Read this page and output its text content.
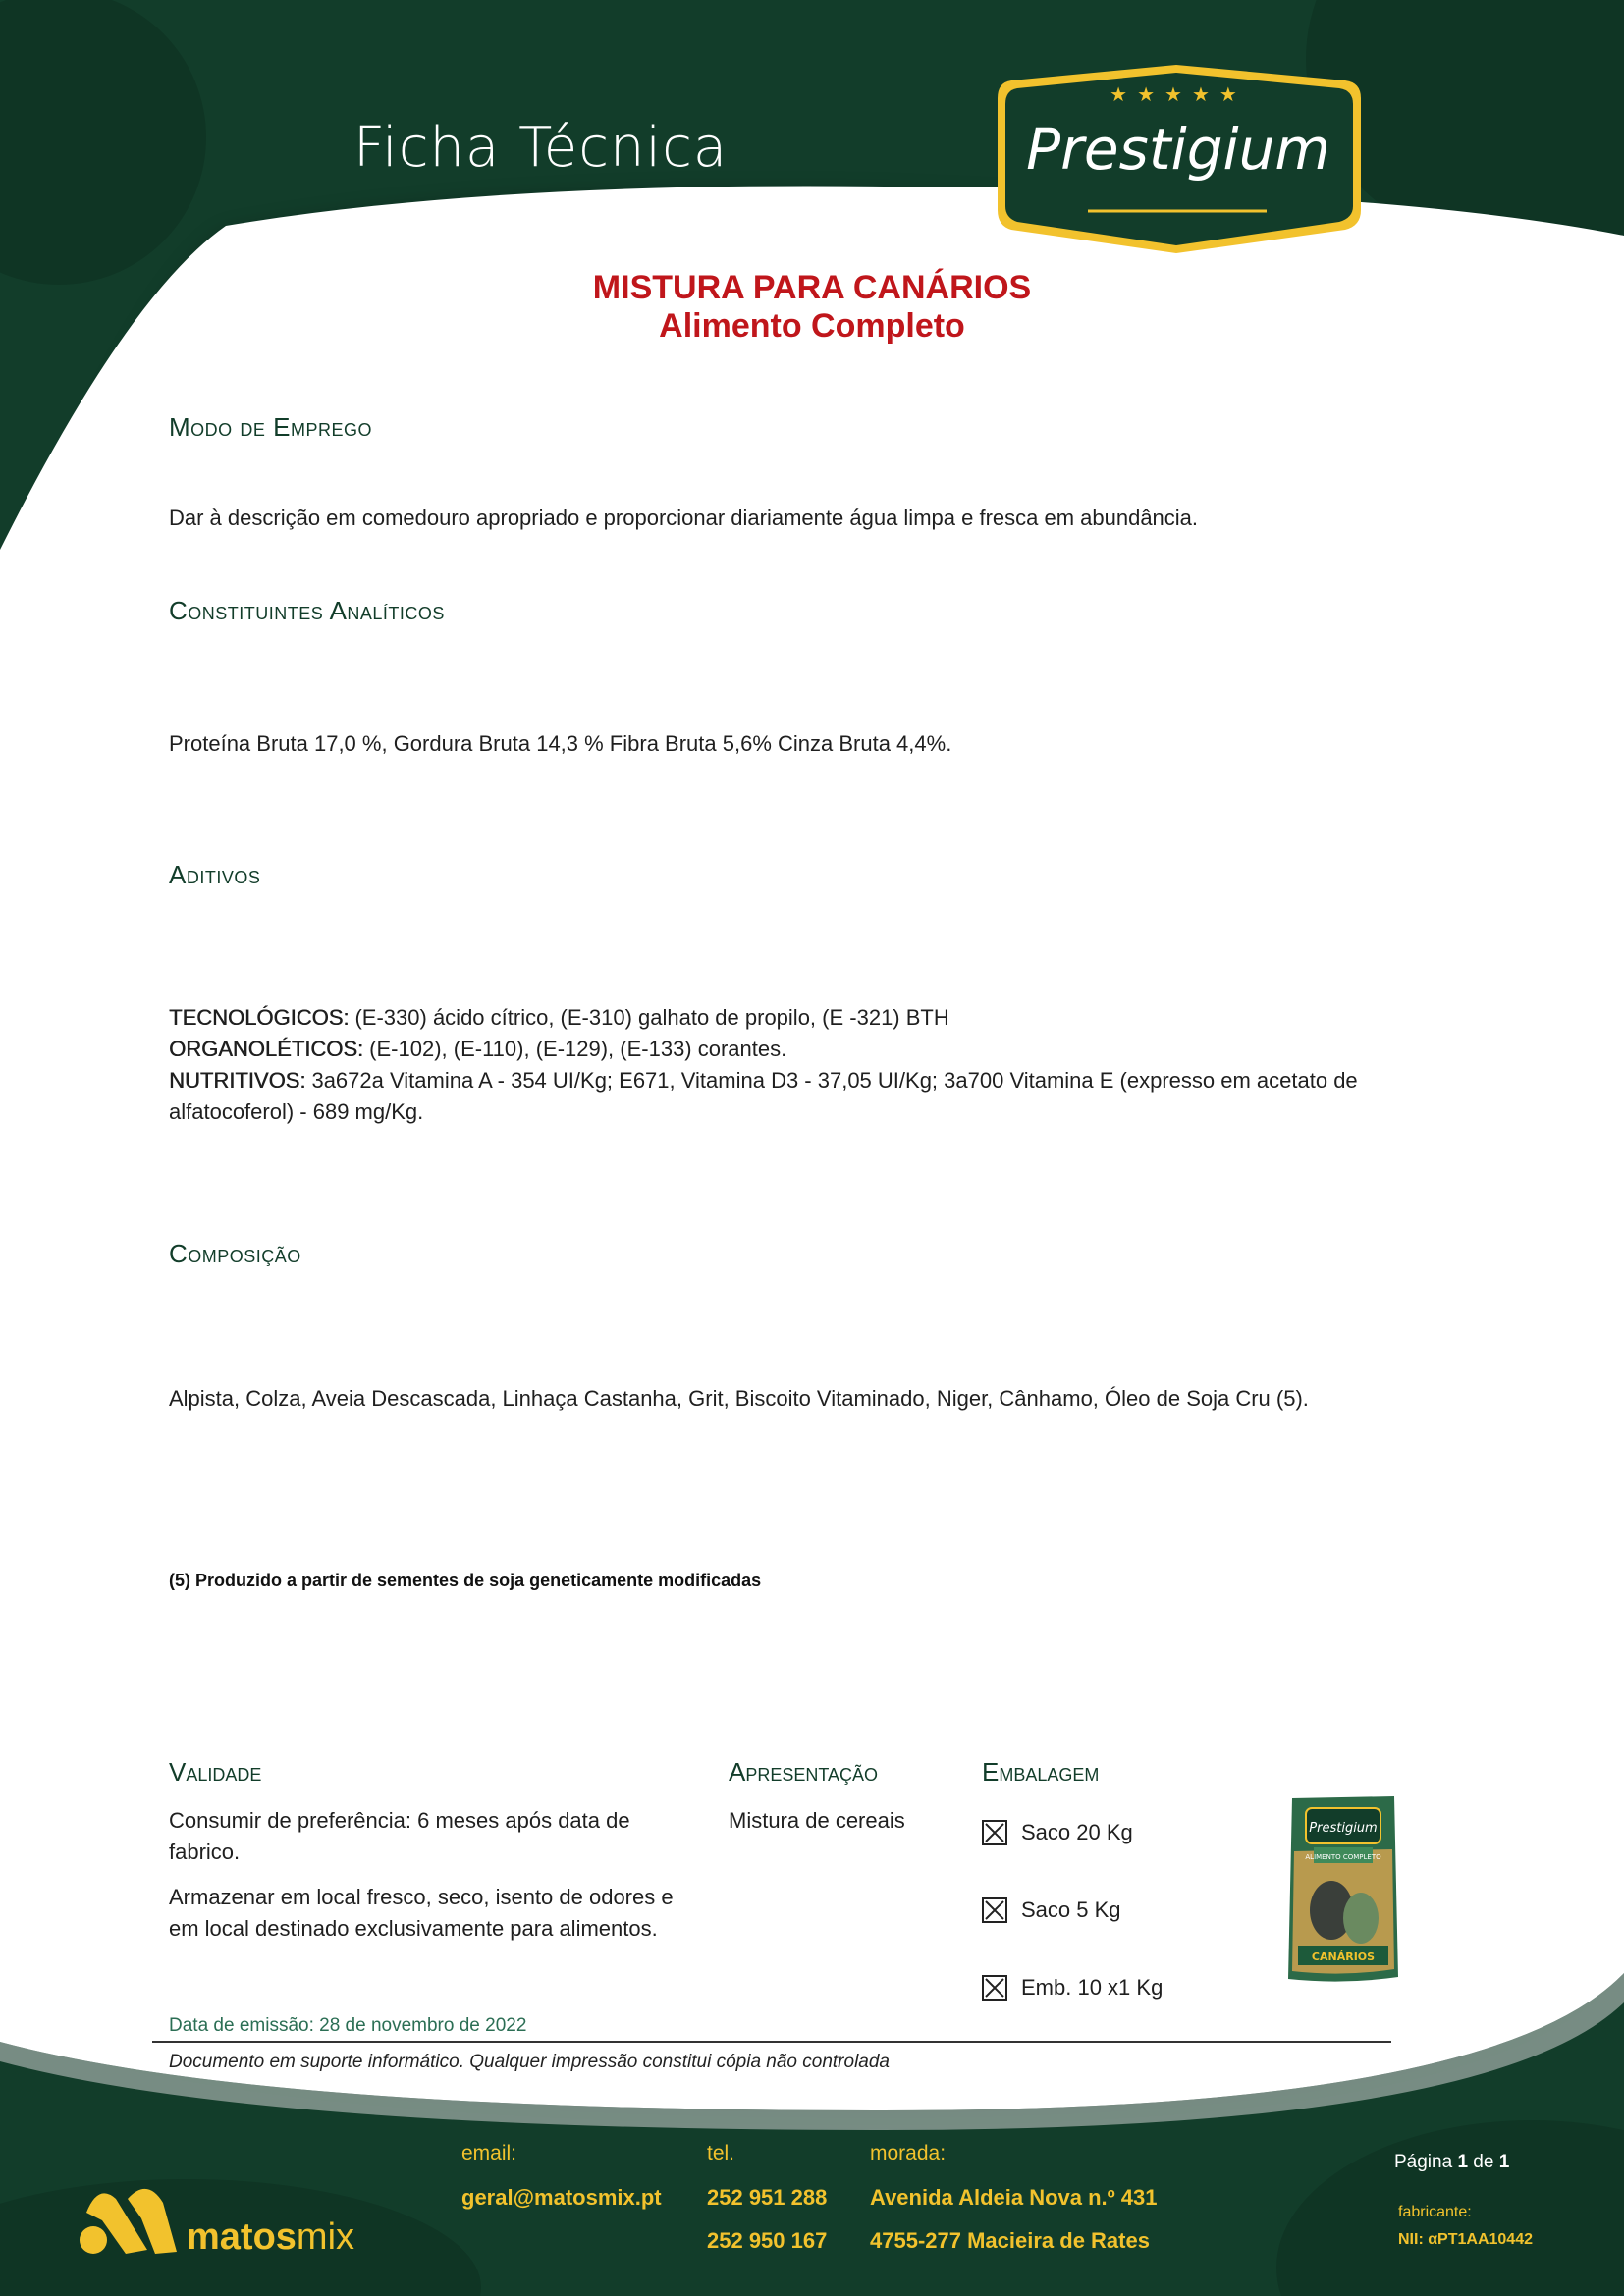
Ficha Técnica
★★★★★
Prestigium
MISTURA PARA CANÁRIOS
Alimento Completo
Modo de Emprego
Dar à descrição em comedouro apropriado e proporcionar diariamente água limpa e fresca em abundância.
Constituintes Analíticos
Proteína Bruta 17,0 %, Gordura Bruta 14,3 % Fibra Bruta 5,6% Cinza Bruta 4,4%.
Aditivos
TECNOLÓGICOS: (E-330) ácido cítrico, (E-310) galhato de propilo, (E -321) BTH
ORGANOLÉTICOS: (E-102), (E-110), (E-129), (E-133) corantes.
NUTRITIVOS: 3a672a Vitamina A - 354 UI/Kg; E671, Vitamina D3 - 37,05 UI/Kg; 3a700 Vitamina E (expresso em acetato de alfatocoferol) - 689 mg/Kg.
Composição
Alpista, Colza, Aveia Descascada, Linhaça Castanha, Grit, Biscoito Vitaminado, Niger, Cânhamo, Óleo de Soja Cru (5).
(5) Produzido a partir de sementes de soja geneticamente modificadas
Validade
Consumir de preferência: 6 meses após data de fabrico.
Armazenar em local fresco, seco, isento de odores e em local destinado exclusivamente para alimentos.
Apresentação
Mistura de cereais
Embalagem
Saco 20 Kg
Saco 5 Kg
Emb. 10 x1 Kg
Prestigium
ALIMENTO COMPLETO
CANÁRIOS
Data de emissão: 28 de novembro de 2022
Documento em suporte informático. Qualquer impressão constitui cópia não controlada
matosmix
email:
geral@matosmix.pt
tel.
252 951 288
252 950 167
morada:
Avenida Aldeia Nova n.º 431
4755-277 Macieira de Rates
Página 1 de 1
fabricante:
NII: αPT1AA10442
